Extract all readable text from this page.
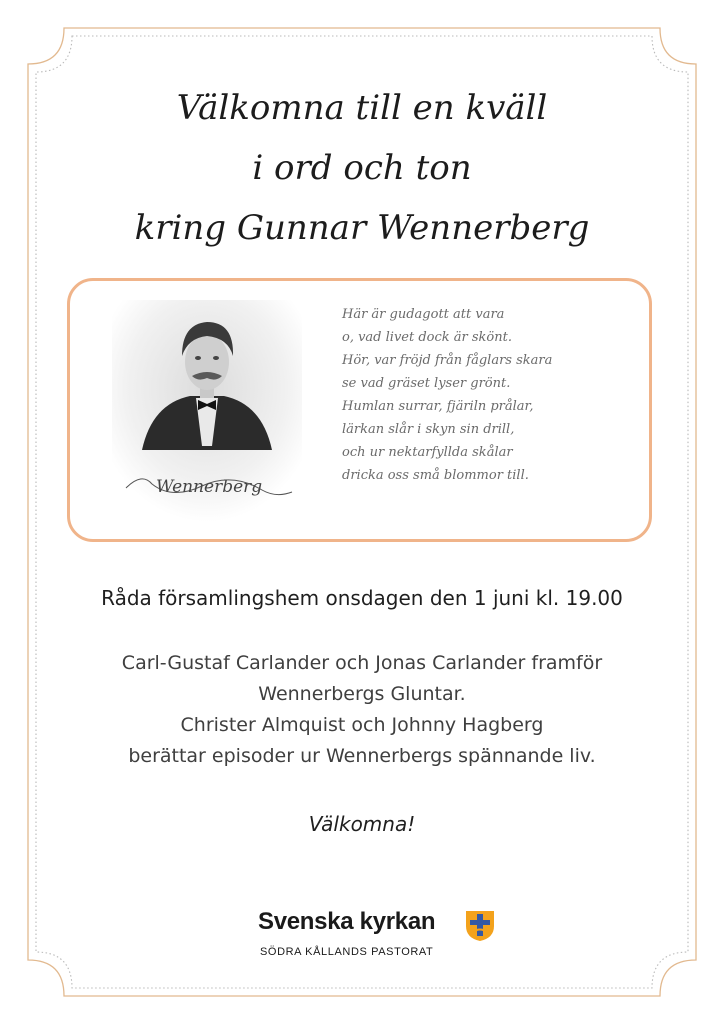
Välkomna till en kväll
i ord och ton
kring Gunnar Wennerberg
Wennerberg
Här är gudagott att vara
o, vad livet dock är skönt.
Hör, var fröjd från fåglars skara
se vad gräset lyser grönt.
Humlan surrar, fjäriln prålar,
lärkan slår i skyn sin drill,
och ur nektarfyllda skålar
dricka oss små blommor till.
Råda församlingshem onsdagen den 1 juni kl. 19.00
Carl-Gustaf Carlander och Jonas Carlander framför
Wennerbergs Gluntar.
Christer Almquist och Johnny Hagberg
berättar episoder ur Wennerbergs spännande liv.
Välkomna!
Svenska kyrkan
SÖDRA KÅLLANDS PASTORAT
